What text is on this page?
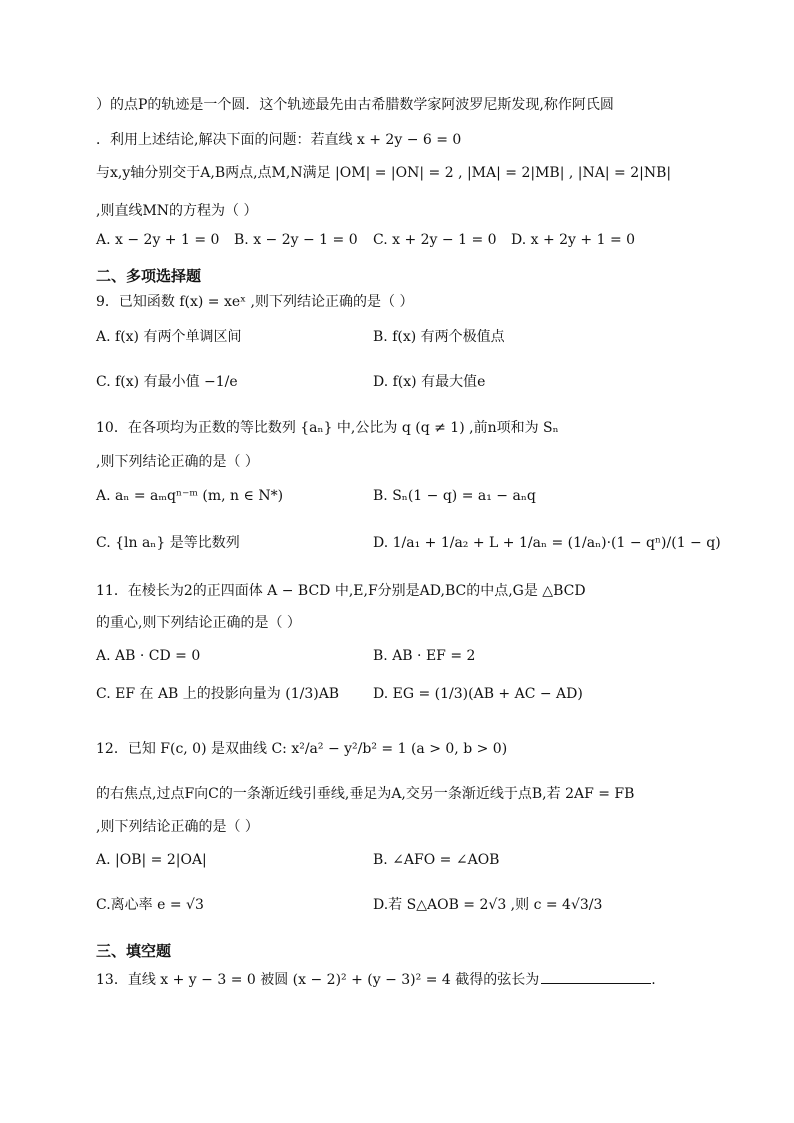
）的点P的轨迹是一个圆．这个轨迹最先由古希腊数学家阿波罗尼斯发现,称作阿氏圆
．利用上述结论,解决下面的问题：若直线 x + 2y − 6 = 0
与x,y轴分别交于A,B两点,点M,N满足 |OM| = |ON| = 2 , |MA| = 2|MB| , |NA| = 2|NB|
,则直线MN的方程为（ ）
A. x − 2y + 1 = 0 B. x − 2y − 1 = 0 C. x + 2y − 1 = 0 D. x + 2y + 1 = 0
二、多项选择题
9．已知函数 f(x) = xeˣ ,则下列结论正确的是（ ）
A. f(x) 有两个单调区间	B. f(x) 有两个极值点
C. f(x) 有最小值 −1/e	D. f(x) 有最大值e
10．在各项均为正数的等比数列 {aₙ} 中,公比为 q (q ≠ 1) ,前n项和为 Sₙ
,则下列结论正确的是（ ）
A. aₙ = aₘqⁿ⁻ᵐ (m, n ∈ N*)	B. Sₙ(1 − q) = a₁ − aₙq
C. {ln aₙ} 是等比数列	D. 1/a₁ + 1/a₂ + L + 1/aₙ = (1/aₙ)·(1 − qⁿ)/(1 − q)
11．在棱长为2的正四面体 A − BCD 中,E,F分别是AD,BC的中点,G是 △BCD
的重心,则下列结论正确的是（ ）
A. AB · CD = 0	B. AB · EF = 2
C. EF 在 AB 上的投影向量为 (1/3)AB D. EG = (1/3)(AB + AC − AD)
12．已知 F(c, 0) 是双曲线 C: x²/a² − y²/b² = 1 (a > 0, b > 0)
的右焦点,过点F向C的一条渐近线引垂线,垂足为A,交另一条渐近线于点B,若 2AF = FB
,则下列结论正确的是（ ）
A. |OB| = 2|OA|	B. ∠AFO = ∠AOB
C.离心率 e = √3	D.若 S△AOB = 2√3 ,则 c = 4√3/3
三、填空题
13．直线 x + y − 3 = 0 被圆 (x − 2)² + (y − 3)² = 4 截得的弦长为	.
